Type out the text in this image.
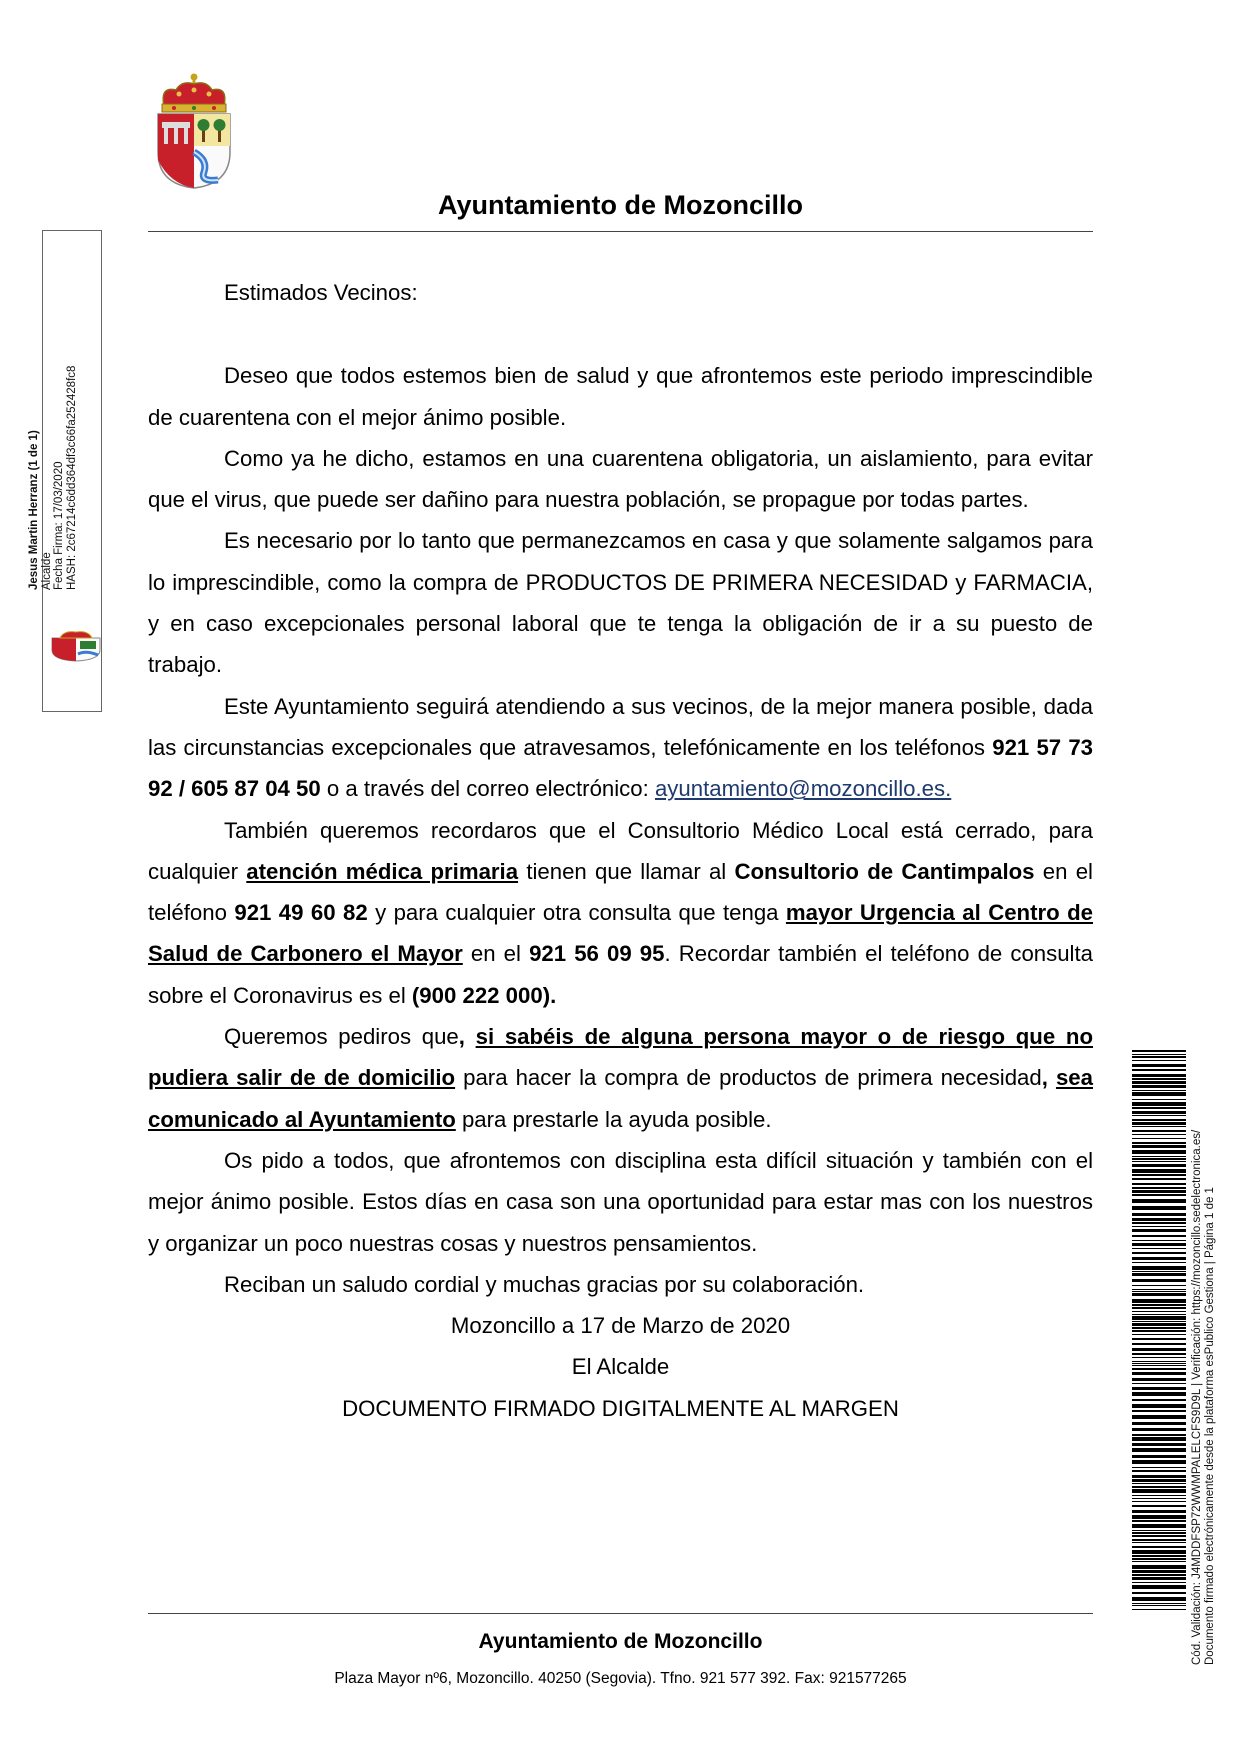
Ayuntamiento de Mozoncillo

Estimados Vecinos:

Deseo que todos estemos bien de salud y que afrontemos este periodo imprescindible de cuarentena con el mejor ánimo posible.

Como ya he dicho, estamos en una cuarentena obligatoria, un aislamiento, para evitar que el virus, que puede ser dañino para nuestra población, se propague por todas partes.

Es necesario por lo tanto que permanezcamos en casa y que solamente salgamos para lo imprescindible, como la compra de PRODUCTOS DE PRIMERA NECESIDAD y FARMACIA, y en caso excepcionales personal laboral que te tenga la obligación de ir a su puesto de trabajo.

Este Ayuntamiento seguirá atendiendo a sus vecinos, de la mejor manera posible, dada las circunstancias excepcionales que atravesamos, telefónicamente en los teléfonos 921 57 73 92 / 605 87 04 50 o a través del correo electrónico: ayuntamiento@mozoncillo.es.

También queremos recordaros que el Consultorio Médico Local está cerrado, para cualquier atención médica primaria tienen que llamar al Consultorio de Cantimpalos en el teléfono 921 49 60 82 y para cualquier otra consulta que tenga mayor Urgencia al Centro de Salud de Carbonero el Mayor en el 921 56 09 95. Recordar también el teléfono de consulta sobre el Coronavirus es el (900 222 000).

Queremos pediros que, si sabéis de alguna persona mayor o de riesgo que no pudiera salir de de domicilio para hacer la compra de productos de primera necesidad, sea comunicado al Ayuntamiento para prestarle la ayuda posible.

Os pido a todos, que afrontemos con disciplina esta difícil situación y también con el mejor ánimo posible. Estos días en casa son una oportunidad para estar mas con los nuestros y organizar un poco nuestras cosas y nuestros pensamientos.

Reciban un saludo cordial y muchas gracias por su colaboración.

Mozoncillo a 17 de Marzo de 2020

El Alcalde

DOCUMENTO FIRMADO DIGITALMENTE AL MARGEN

Ayuntamiento de Mozoncillo
Plaza Mayor nº6, Mozoncillo. 40250 (Segovia). Tfno. 921 577 392. Fax: 921577265
Jesus Martin Herranz (1 de 1) Alcalde Fecha Firma: 17/03/2020 HASH: 2c67214c6dd364df3c66fa252428fc8
Cód. Validación: J4MDDFSP72WWMPALELCFS9D9L | Verificación: https://mozoncillo.sedelectronica.es/ Documento firmado electrónicamente desde la plataforma esPublico Gestiona | Página 1 de 1
